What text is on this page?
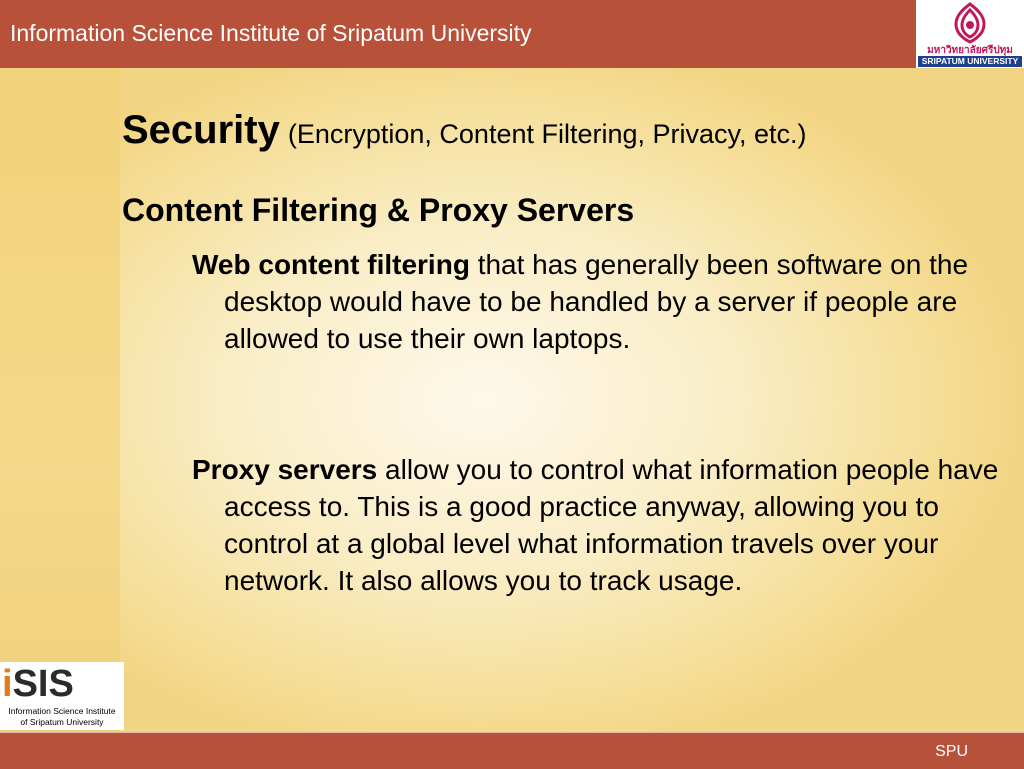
Information Science Institute of Sripatum University
มหาวิทยาลัยศรีปทุม
SRIPATUM UNIVERSITY
Security (Encryption, Content Filtering, Privacy, etc.)
Content Filtering & Proxy Servers
Web content filtering that has generally been software on the desktop would have to be handled by a server if people are allowed to use their own laptops.
Proxy servers allow you to control what information people have access to. This is a good practice anyway, allowing you to control at a global level what information travels over your network. It also allows you to track usage.
iSIS
Information Science Institute
of Sripatum University
SPU
